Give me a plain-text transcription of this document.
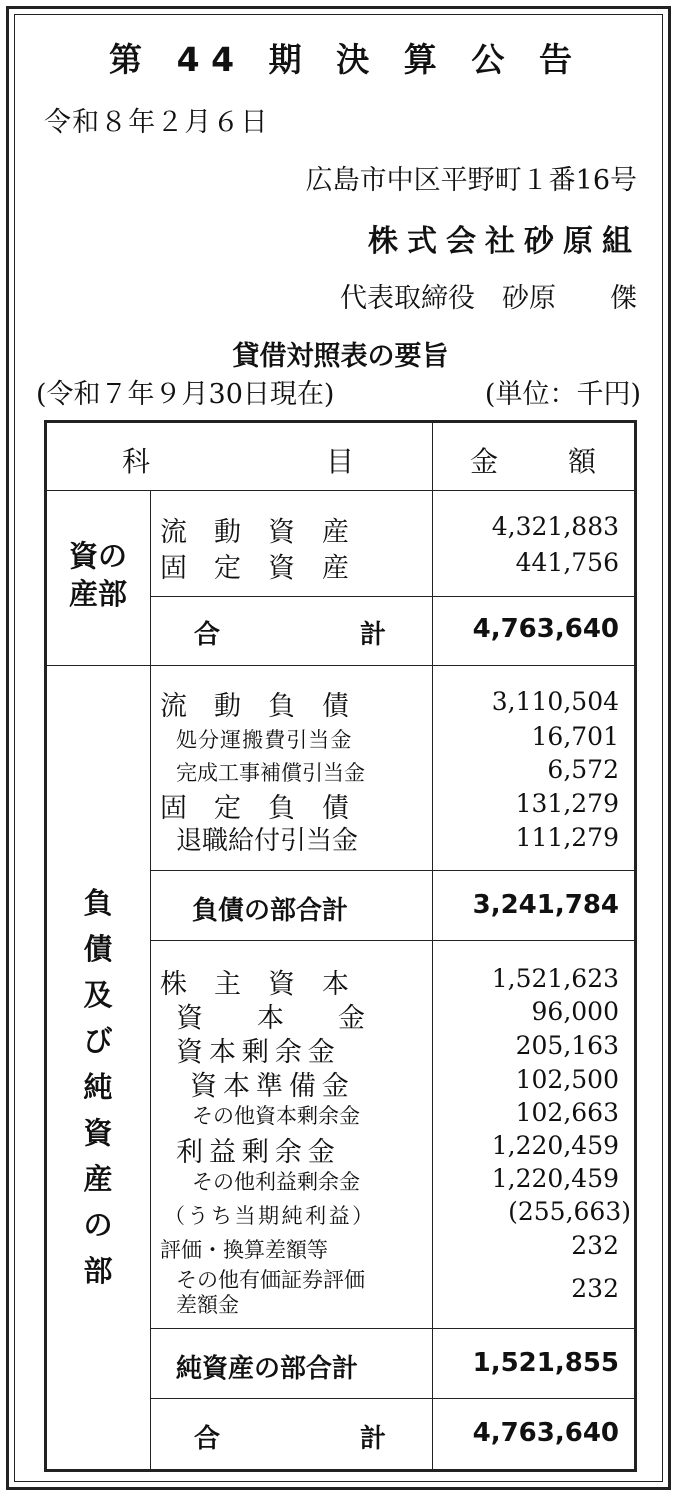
第 44 期 決 算 公 告
令和８年２月６日
広島市中区平野町１番16号
株式会社砂原組
代表取締役　砂原　　傑
貸借対照表の要旨
(令和７年９月30日現在)	(単位：千円)
科	目	金 額
資の
産部
流　動　資　産	4,321,883
固　定　資　産	441,756
合	計	4,763,640
負
債
及
び
純
資
産
の
部
流　動　負　債	3,110,504
処分運搬費引当金	16,701
完成工事補償引当金	6,572
固　定　負　債	131,279
退職給付引当金	111,279
負債の部合計	3,241,784
株　主　資　本	1,521,623
資　　本　　金	96,000
資本剰余金	205,163
資本準備金	102,500
その他資本剰余金	102,663
利益剰余金	1,220,459
その他利益剰余金	1,220,459
（うち当期純利益）	(255,663)
評価・換算差額等	232
その他有価証券評価	232
差額金
純資産の部合計	1,521,855
合	計	4,763,640
